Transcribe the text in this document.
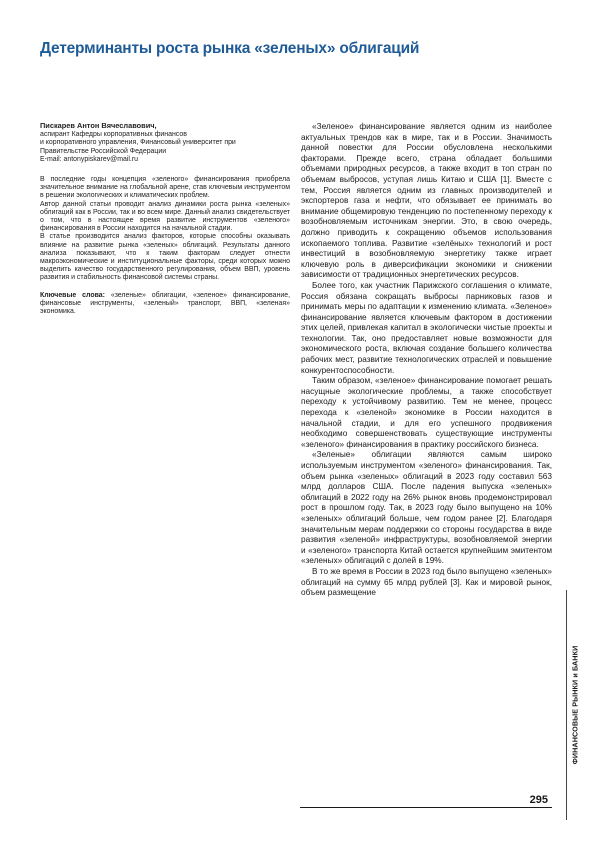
Детерминанты роста рынка «зеленых» облигаций
Пискарев Антон Вячеславович,
аспирант Кафедры корпоративных финансов
и корпоративного управления, Финансовый университет при
Правительстве Российской Федерации
E-mail: antonypiskarev@mail.ru

В последние годы концепция «зеленого» финансирования приобрела значительное внимание на глобальной арене, став ключевым инструментом в решении экологических и климатических проблем.

Автор данной статьи проводит анализ динамики роста рынка «зеленых» облигаций как в России, так и во всем мире. Данный анализ свидетельствует о том, что в настоящее время развитие инструментов «зеленого» финансирования в России находится на начальной стадии.

В статье производится анализ факторов, которые способны оказывать влияние на развитие рынка «зеленых» облигаций. Результаты данного анализа показывают, что к таким факторам следует отнести макроэкономические и институциональные факторы, среди которых можно выделить качество государственного регулирования, объем ВВП, уровень развития и стабильность финансовой системы страны.

Ключевые слова: «зеленые» облигации, «зеленое» финансирование, финансовые инструменты, «зеленый» транспорт, ВВП, «зеленая» экономика.

«Зеленое» финансирование является одним из наиболее актуальных трендов как в мире, так и в России. Значимость данной повестки для России обусловлена несколькими факторами. Прежде всего, страна обладает большими объемами природных ресурсов, а также входит в топ стран по объемам выбросов, уступая лишь Китаю и США [1]. Вместе с тем, Россия является одним из главных производителей и экспортеров газа и нефти, что обязывает ее принимать во внимание общемировую тенденцию по постепенному переходу к возобновляемым источникам энергии. Это, в свою очередь, должно приводить к сокращению объемов использования ископаемого топлива. Развитие «зелёных» технологий и рост инвестиций в возобновляемую энергетику также играет ключевую роль в диверсификации экономики и снижении зависимости от традиционных энергетических ресурсов.

Более того, как участник Парижского соглашения о климате, Россия обязана сокращать выбросы парниковых газов и принимать меры по адаптации к изменению климата. «Зеленое» финансирование является ключевым фактором в достижении этих целей, привлекая капитал в экологически чистые проекты и технологии. Так, оно предоставляет новые возможности для экономического роста, включая создание большего количества рабочих мест, развитие технологических отраслей и повышение конкурентоспособности.

Таким образом, «зеленое» финансирование помогает решать насущные экологические проблемы, а также способствует переходу к устойчивому развитию. Тем не менее, процесс перехода к «зеленой» экономике в России находится в начальной стадии, и для его успешного продвижения необходимо совершенствовать существующие инструменты «зеленого» финансирования в практику российского бизнеса.

«Зеленые» облигации являются самым широко используемым инструментом «зеленого» финансирования. Так, объем рынка «зеленых» облигаций в 2023 году составил 563 млрд долларов США. После падения выпуска «зеленых» облигаций в 2022 году на 26% рынок вновь продемонстрировал рост в прошлом году. Так, в 2023 году было выпущено на 10% «зеленых» облигаций больше, чем годом ранее [2]. Благодаря значительным мерам поддержки со стороны государства в виде развития «зеленой» инфраструктуры, возобновляемой энергии и «зеленого» транспорта Китай остается крупнейшим эмитентом «зеленых» облигаций с долей в 19%.

В то же время в России в 2023 год было выпущено «зеленых» облигаций на сумму 65 млрд рублей [3]. Как и мировой рынок, объем размещение

ФИНАНСОВЫЕ РЫНКИ и БАНКИ
295
